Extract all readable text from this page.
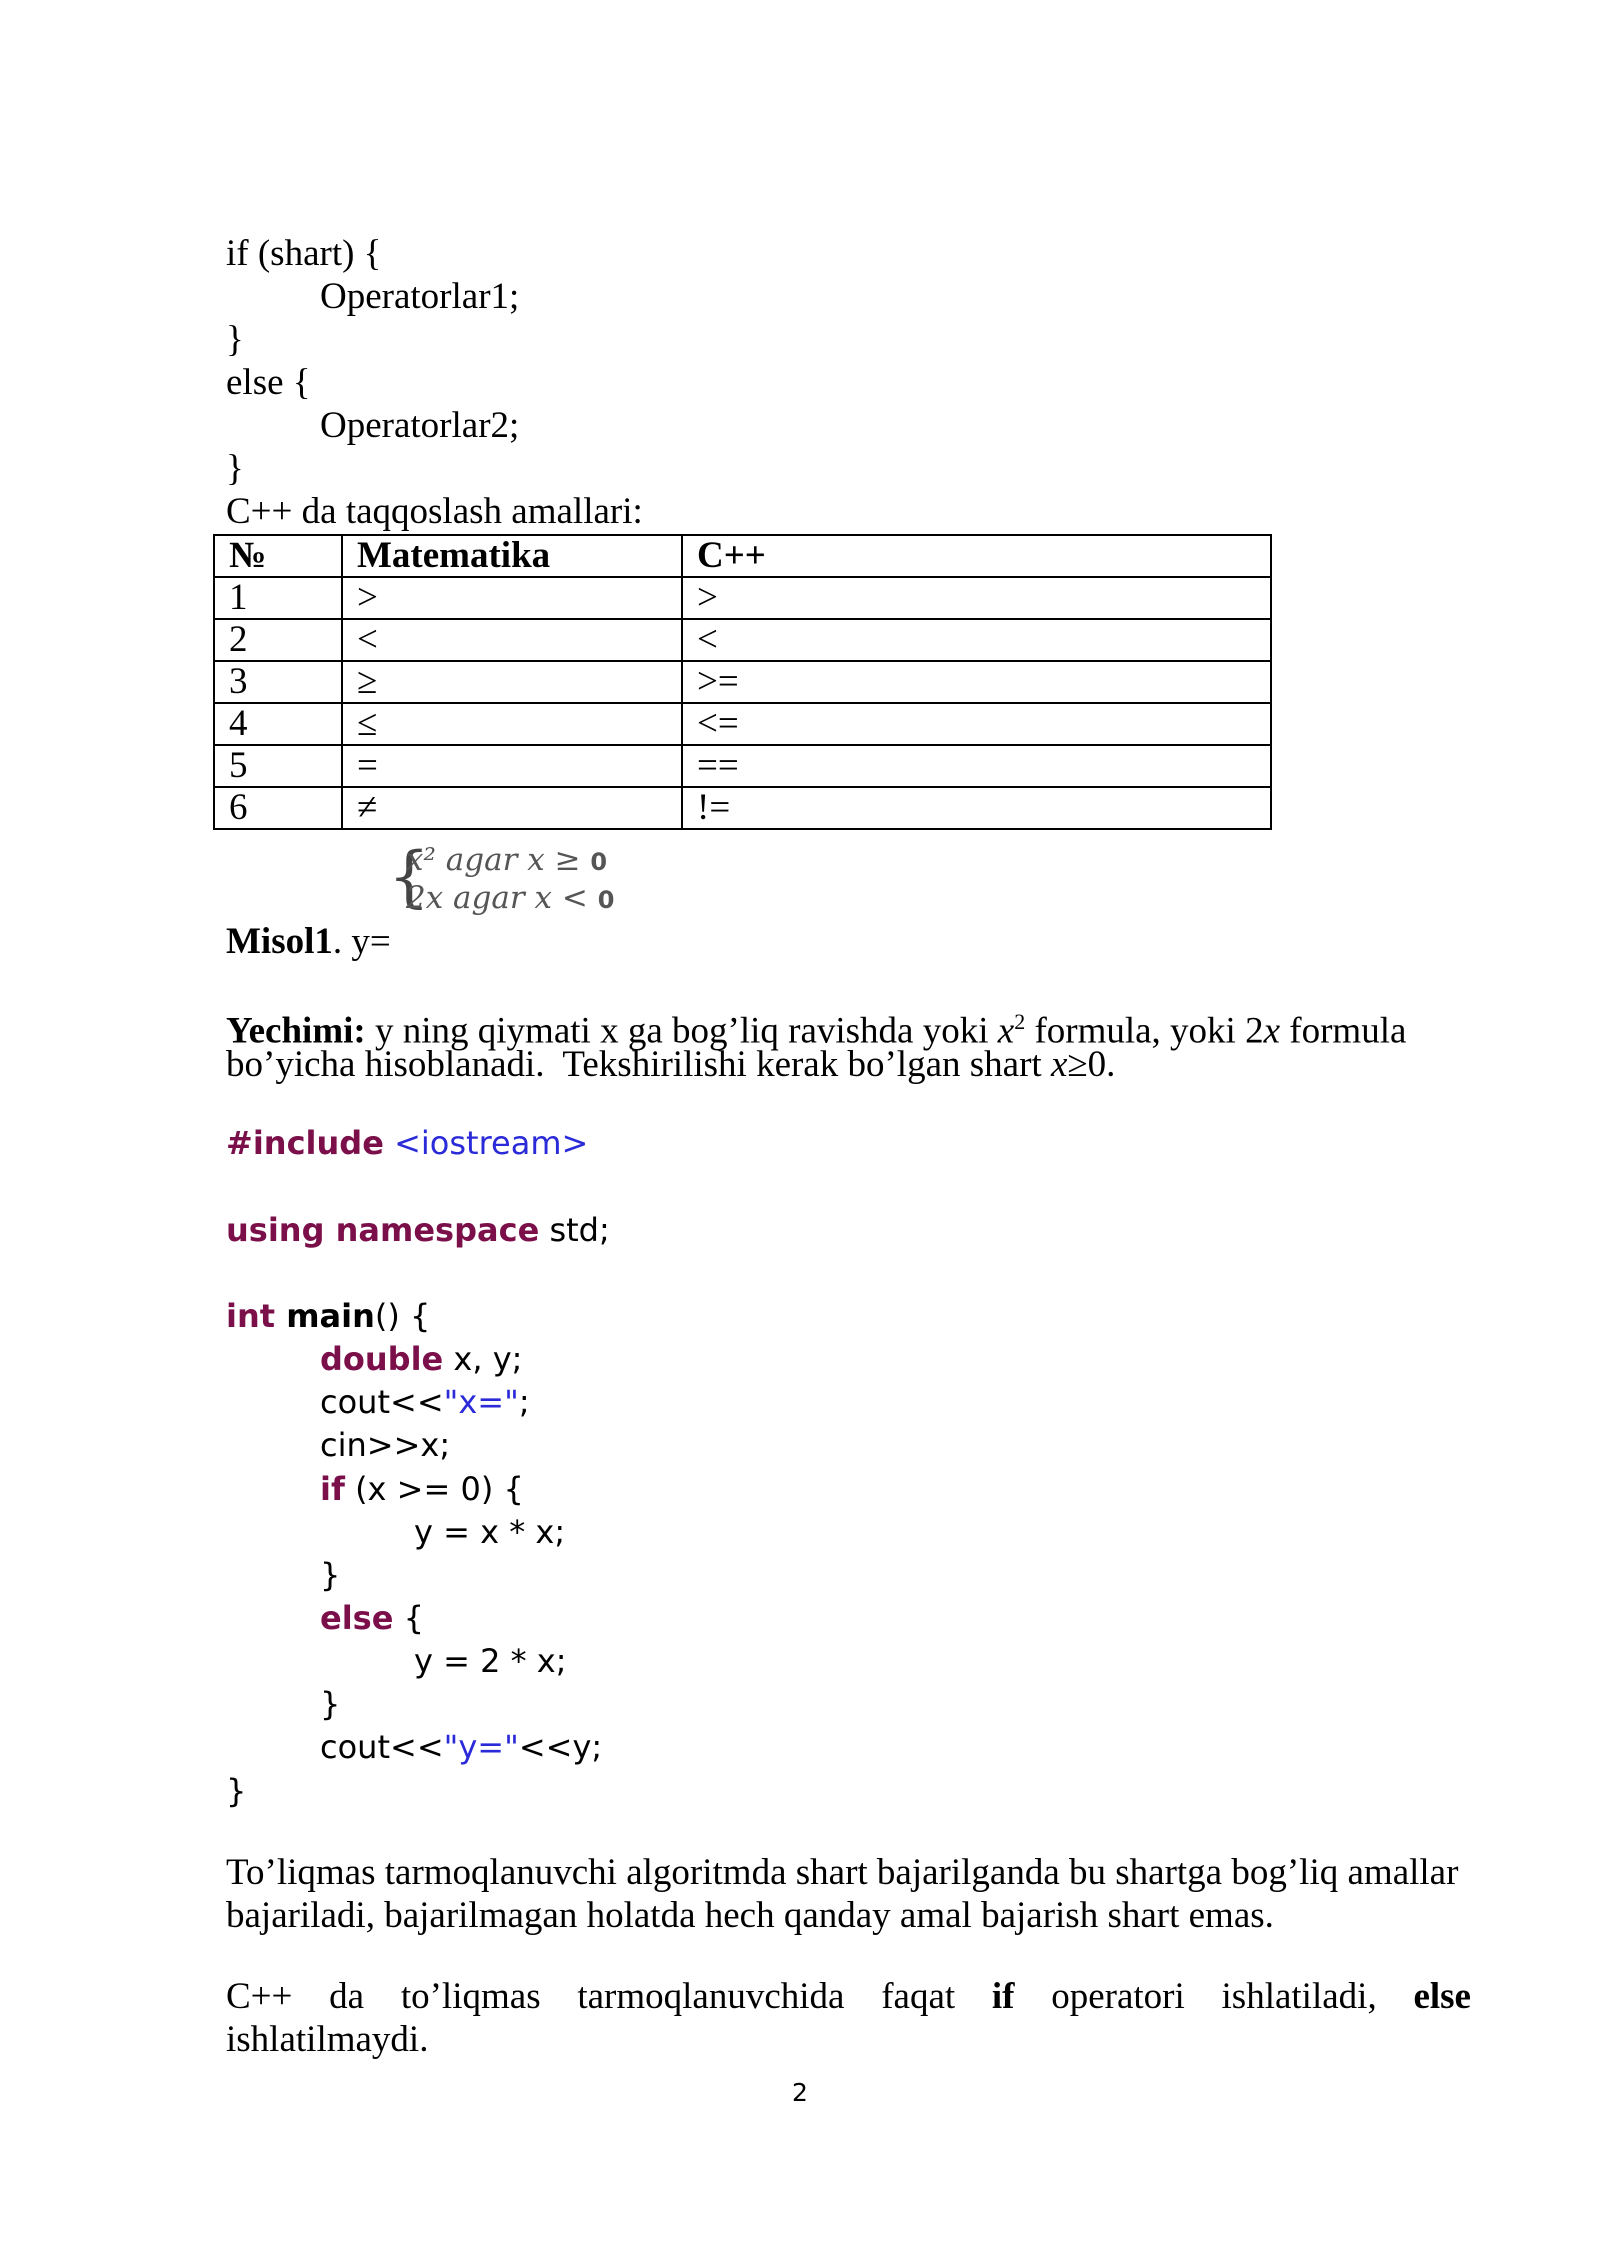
if (shart) {
Operatorlar1;
}
else {
Operatorlar2;
}
C++ da taqqoslash amallari:
№	Matematika	C++
1	>	>
2	<	<
3	≥	>=
4	≤	<=
5	=	==
6	≠	!=
{
x² agar x ≥ 0
2x agar x < 0
Misol1. y=
Yechimi: y ning qiymati x ga bog’liq ravishda yoki $x^2$ formula, yoki 2x formula
bo’yicha hisoblanadi.  Tekshirilishi kerak bo’lgan shart x≥0.
#include <iostream>
using namespace std;
int main() {
double x, y;
cout<<"x=";
cin>>x;
if (x >= 0) {
y = x * x;
}
else {
y = 2 * x;
}
cout<<"y="<<y;
}
To’liqmas tarmoqlanuvchi algoritmda shart bajarilganda bu shartga bog’liq amallar
bajariladi, bajarilmagan holatda hech qanday amal bajarish shart emas.
C++ da to’liqmas tarmoqlanuvchida faqat if operatori ishlatiladi, else
ishlatilmaydi.
2
